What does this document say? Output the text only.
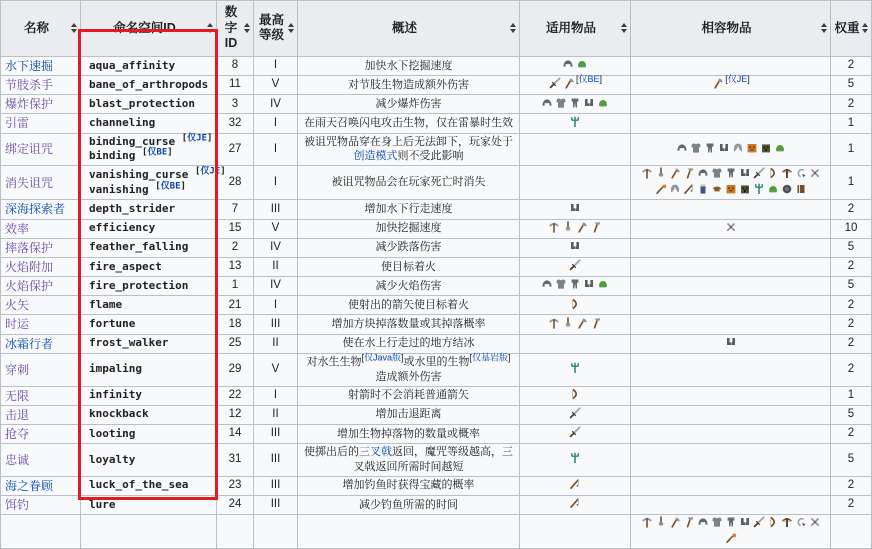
名称	命名空间ID	数字ID	最高等级	概述	适用物品	相容物品	权重

水下速掘	aqua_affinity	8	I	加快水下挖掘速度			2
节肢杀手	bane_of_arthropods	11	V	对节肢生物造成额外伤害	[仅BE]	[仅JE]	5
爆炸保护	blast_protection	3	IV	减少爆炸伤害			2
引雷	channeling	32	I	在雨天召唤闪电攻击生物，仅在雷暴时生效			1
绑定诅咒	binding_curse [仅JE]
binding [仅BE]	27	I	被诅咒物品穿在身上后无法卸下，玩家处于创造模式则不受此影响			1
消失诅咒	vanishing_curse [仅JE]
vanishing [仅BE]	28	I	被诅咒物品会在玩家死亡时消失			1
深海探索者	depth_strider	7	III	增加水下行走速度			2
效率	efficiency	15	V	加快挖掘速度			10
摔落保护	feather_falling	2	IV	减少跌落伤害			5
火焰附加	fire_aspect	13	II	使目标着火			2
火焰保护	fire_protection	1	IV	减少火焰伤害			5
火矢	flame	21	I	使射出的箭矢使目标着火			2
时运	fortune	18	III	增加方块掉落数量或其掉落概率			2
冰霜行者	frost_walker	25	II	使在水上行走过的地方结冰			2
穿刺	impaling	29	V	对水生生物[仅Java版]或水里的生物[仅基岩版]造成额外伤害			2
无限	infinity	22	I	射箭时不会消耗普通箭矢			1
击退	knockback	12	II	增加击退距离			5
抢夺	looting	14	III	增加生物掉落物的数量或概率			2
忠诚	loyalty	31	III	使掷出后的三叉戟返回，魔咒等级越高，三叉戟返回所需时间越短			5
海之眷顾	luck_of_the_sea	23	III	增加钓鱼时获得宝藏的概率			2
饵钓	lure	24	III	减少钓鱼所需的时间			2
